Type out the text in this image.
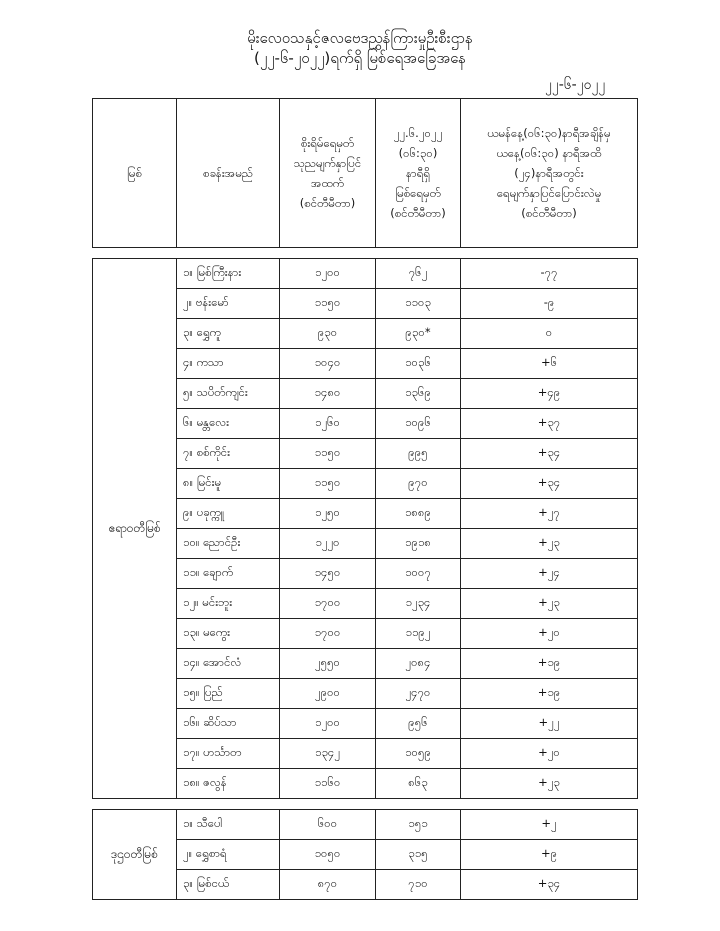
မိုးလေဝသနှင့်ဇလဗေဒညွှန်ကြားမှုဦးစီးဌာန
(၂၂-၆-၂၀၂၂)ရက်ရှိ မြစ်ရေအခြေအနေ
၂၂-၆-၂၀၂၂
မြစ်	စခန်းအမည်	စိုးရိမ်ရေမှတ်
သုညမျက်နှာပြင်
အထက်
(စင်တီမီတာ)	၂၂.၆.၂၀၂၂
(၀၆:၃၀)
နာရီရှိ
မြစ်ရေမှတ်
(စင်တီမီတာ)	ယမန်နေ့(၀၆:၃၀)နာရီအချိန်မှ
ယနေ့(၀၆:၃၀) နာရီအထိ
(၂၄)နာရီအတွင်း
ရေမျက်နှာပြင်ပြောင်းလဲမှု
(စင်တီမီတာ)

ဧရာဝတီမြစ်	၁။ မြစ်ကြီးနား	၁၂၀၀	၇၆၂	-၇၇
	၂။ ဗန်းမော်	၁၁၅၀	၁၁၀၃	-၉
	၃။ ရွှေကူ	၉၃၀	၉၃၀*	၀
	၄။ ကသာ	၁၀၄၀	၁၀၃၆	+၆
	၅။ သပိတ်ကျင်း	၁၄၈၀	၁၃၆၉	+၄၉
	၆။ မန္တလေး	၁၂၆၀	၁၀၉၆	+၃၇
	၇။ စစ်ကိုင်း	၁၁၅၀	၉၉၅	+၃၄
	၈။ မြင်းမူ	၁၁၅၀	၉၇၀	+၃၄
	၉။ ပခုက္ကူ	၁၂၅၀	၁၈၈၉	+၂၇
	၁၀။ ညောင်ဦး	၁၂၂၀	၁၉၁၈	+၂၃
	၁၁။ ချောက်	၁၄၅၀	၁၀၀၇	+၂၄
	၁၂။ မင်းဘူး	၁၇၀၀	၁၂၃၄	+၂၃
	၁၃။ မကွေး	၁၇၀၀	၁၁၉၂	+၂၀
	၁၄။ အောင်လံ	၂၅၅၀	၂၀၈၄	+၁၉
	၁၅။ ပြည်	၂၉၀၀	၂၄၇၀	+၁၉
	၁၆။ ဆိပ်သာ	၁၂၀၀	၉၅၆	+၂၂
	၁၇။ ဟင်္သာတ	၁၃၄၂	၁၀၅၉	+၂၀
	၁၈။ ဇလွန်	၁၁၆၀	၈၆၃	+၂၃

ဒုဌဝတီမြစ်	၁။ သီပေါ	၆၀၀	၁၅၁	+၂
	၂။ ရွှေစာရံ	၁၀၅၀	၃၁၅	+၉
	၃။ မြစ်ငယ်	၈၇၀	၇၁၀	+၃၄
